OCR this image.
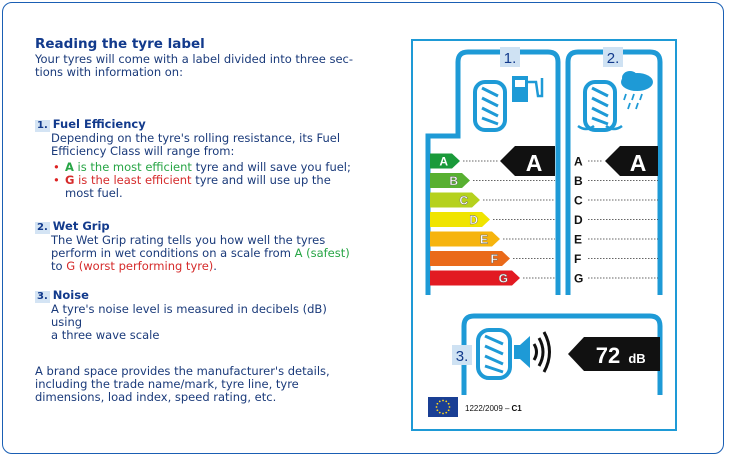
Reading the tyre label
Your tyres will come with a label divided into three sec-
tions with information on:
1. Fuel Efficiency
Depending on the tyre's rolling resistance, its Fuel
Efficiency Class will range from:
• A is the most efficient tyre and will save you fuel;
• G is the least efficient tyre and will use up the
most fuel.
2. Wet Grip
The Wet Grip rating tells you how well the tyres
perform in wet conditions on a scale from A (safest)
to G (worst performing tyre).
3. Noise
A tyre's noise level is measured in decibels (dB)
using
a three wave scale
A brand space provides the manufacturer's details,
including the trade name/mark, tyre line, tyre
dimensions, load index, speed rating, etc.
1.	2.
A
B
C
D
E
F
G
A
B
C
D
E
F
G
A	A
3.	72 dB
1222/2009 – C1
